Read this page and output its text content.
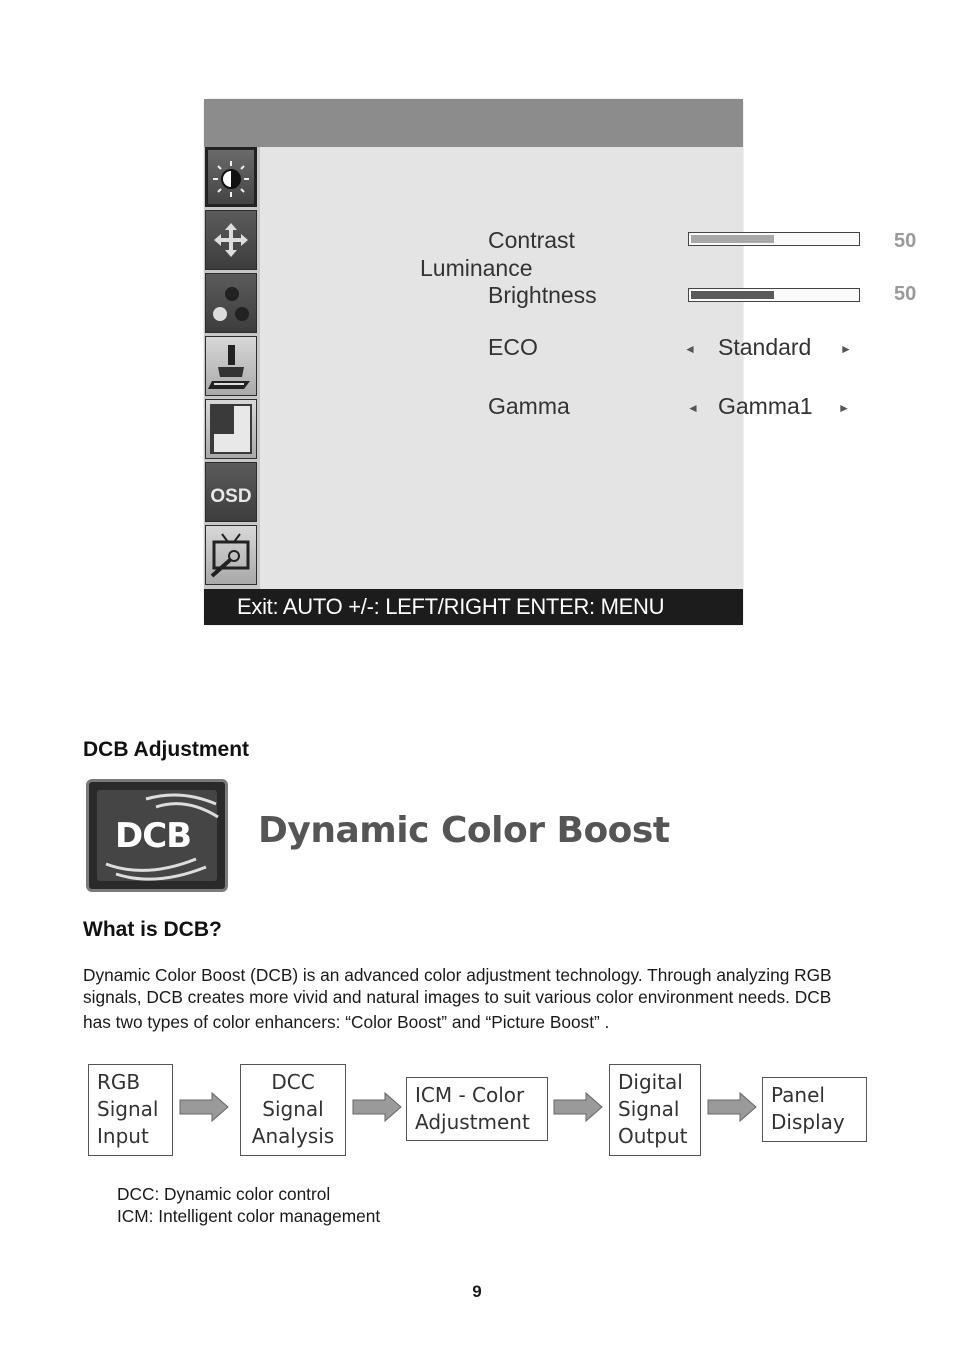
OSD
Luminance
Contrast	50
Brightness	50
ECO	◄ Standard ►
Gamma	◄ Gamma1 ►
Exit: AUTO +/-: LEFT/RIGHT ENTER: MENU
DCB Adjustment
DCB Dynamic Color Boost
What is DCB?

Dynamic Color Boost (DCB) is an advanced color adjustment technology. Through analyzing RGB

signals, DCB creates more vivid and natural images to suit various color environment needs. DCB

has two types of color enhancers: “Color Boost” and “Picture Boost” .

RGB
Signal
Input
DCC
Signal
Analysis
ICM - Color
Adjustment
Digital
Signal
Output
Panel
Display
DCC: Dynamic color control
ICM: Intelligent color management
9
